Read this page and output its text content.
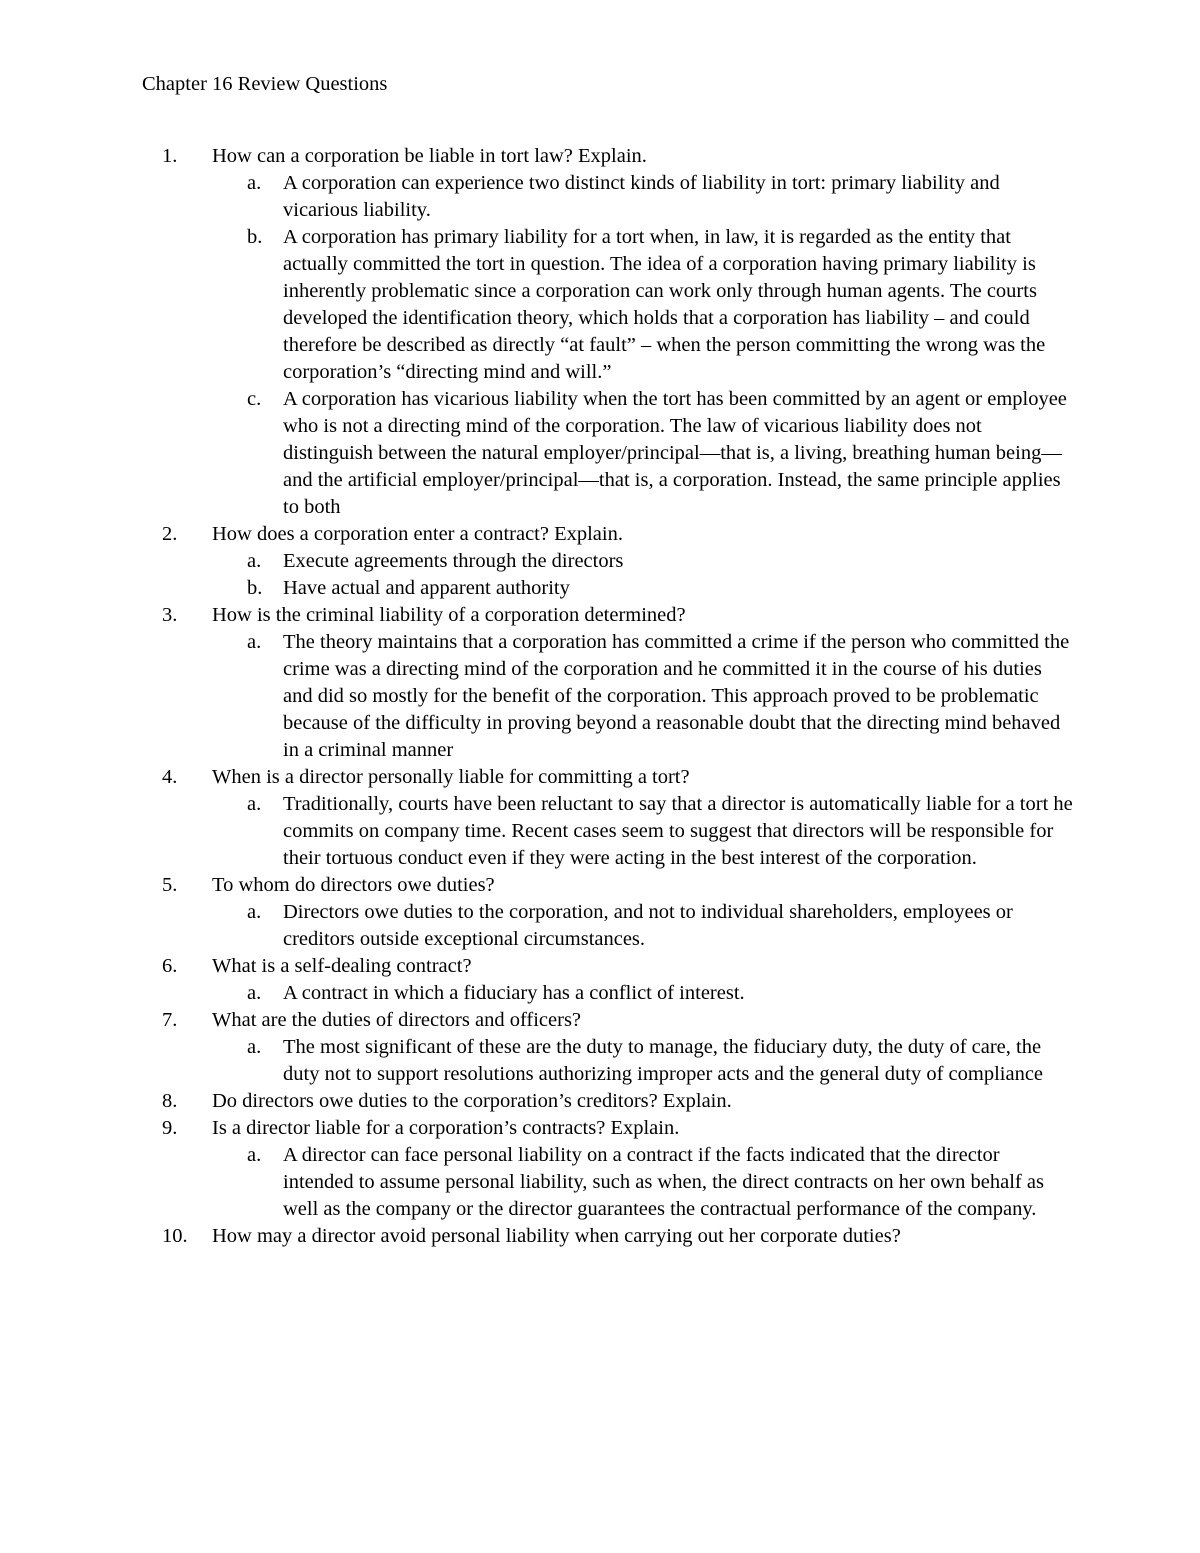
Chapter 16 Review Questions
1.	How can a corporation be liable in tort law? Explain.
a.	A corporation can experience two distinct kinds of liability in tort: primary liability and vicarious liability.
b.	A corporation has primary liability for a tort when, in law, it is regarded as the entity that actually committed the tort in question. The idea of a corporation having primary liability is inherently problematic since a corporation can work only through human agents. The courts developed the identification theory, which holds that a corporation has liability – and could therefore be described as directly “at fault” – when the person committing the wrong was the corporation’s “directing mind and will.”
c.	A corporation has vicarious liability when the tort has been committed by an agent or employee who is not a directing mind of the corporation. The law of vicarious liability does not distinguish between the natural employer/principal—that is, a living, breathing human being—and the artificial employer/principal—that is, a corporation. Instead, the same principle applies to both
2.	How does a corporation enter a contract? Explain.
a.	Execute agreements through the directors
b.	Have actual and apparent authority
3.	How is the criminal liability of a corporation determined?
a.	The theory maintains that a corporation has committed a crime if the person who committed the crime was a directing mind of the corporation and he committed it in the course of his duties and did so mostly for the benefit of the corporation. This approach proved to be problematic because of the difficulty in proving beyond a reasonable doubt that the directing mind behaved in a criminal manner
4.	When is a director personally liable for committing a tort?
a.	Traditionally, courts have been reluctant to say that a director is automatically liable for a tort he commits on company time. Recent cases seem to suggest that directors will be responsible for their tortuous conduct even if they were acting in the best interest of the corporation.
5.	To whom do directors owe duties?
a.	Directors owe duties to the corporation, and not to individual shareholders, employees or creditors outside exceptional circumstances.
6.	What is a self-dealing contract?
a.	A contract in which a fiduciary has a conflict of interest.
7.	What are the duties of directors and officers?
a.	The most significant of these are the duty to manage, the fiduciary duty, the duty of care, the duty not to support resolutions authorizing improper acts and the general duty of compliance
8.	Do directors owe duties to the corporation’s creditors? Explain.
9.	Is a director liable for a corporation’s contracts? Explain.
a.	A director can face personal liability on a contract if the facts indicated that the director intended to assume personal liability, such as when, the direct contracts on her own behalf as well as the company or the director guarantees the contractual performance of the company.
10.	How may a director avoid personal liability when carrying out her corporate duties?
